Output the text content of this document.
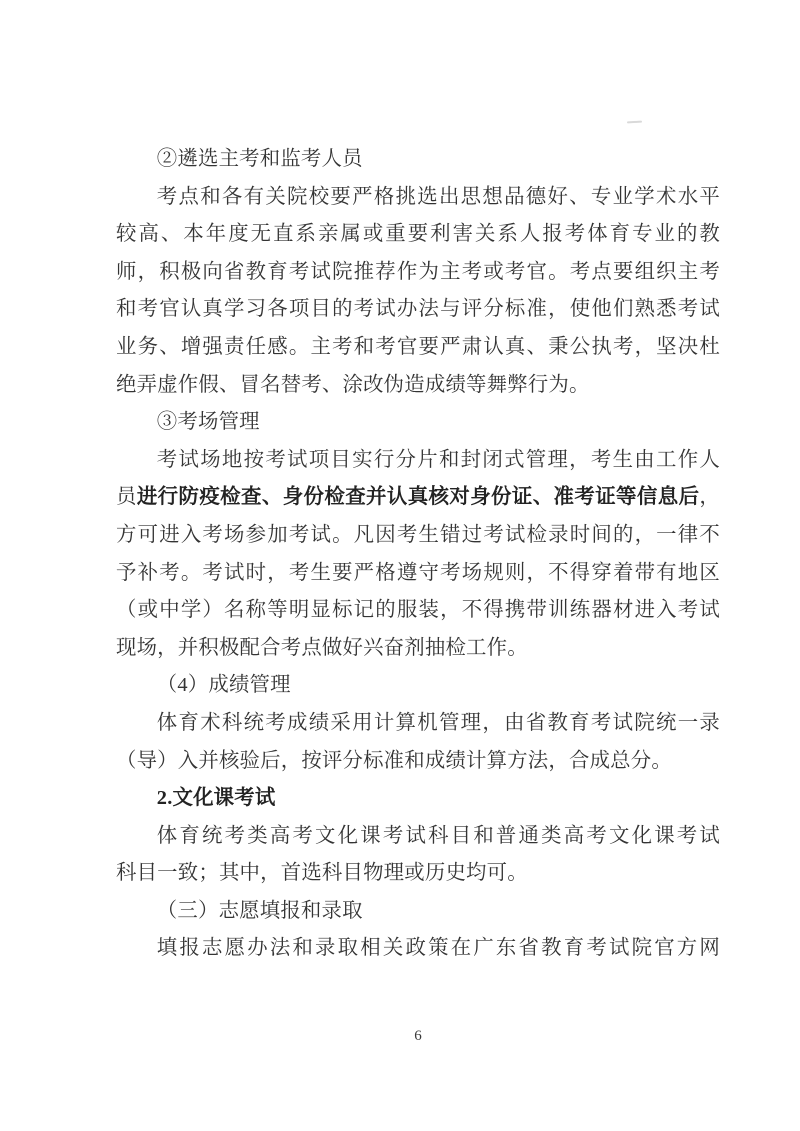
②遴选主考和监考人员
考点和各有关院校要严格挑选出思想品德好、专业学术水平
较高、本年度无直系亲属或重要利害关系人报考体育专业的教
师，积极向省教育考试院推荐作为主考或考官。考点要组织主考
和考官认真学习各项目的考试办法与评分标准，使他们熟悉考试
业务、增强责任感。主考和考官要严肃认真、秉公执考，坚决杜
绝弄虚作假、冒名替考、涂改伪造成绩等舞弊行为。
③考场管理
考试场地按考试项目实行分片和封闭式管理，考生由工作人
员进行防疫检查、身份检查并认真核对身份证、准考证等信息后，
方可进入考场参加考试。凡因考生错过考试检录时间的，一律不
予补考。考试时，考生要严格遵守考场规则，不得穿着带有地区
（或中学）名称等明显标记的服装，不得携带训练器材进入考试
现场，并积极配合考点做好兴奋剂抽检工作。
（4）成绩管理
体育术科统考成绩采用计算机管理，由省教育考试院统一录
（导）入并核验后，按评分标准和成绩计算方法，合成总分。
2.文化课考试
体育统考类高考文化课考试科目和普通类高考文化课考试
科目一致；其中，首选科目物理或历史均可。
（三）志愿填报和录取
填报志愿办法和录取相关政策在广东省教育考试院官方网
6
